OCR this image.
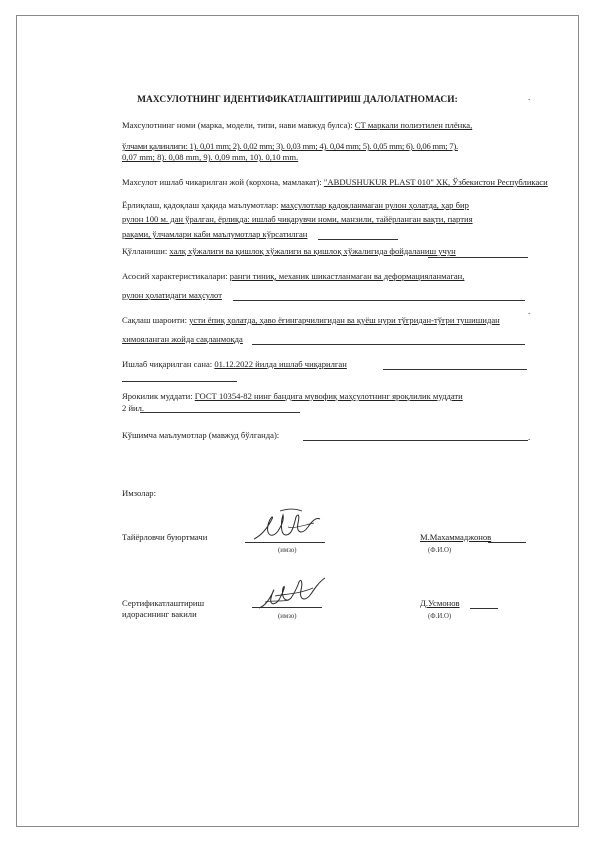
МАХСУЛОТНИНГ ИДЕНТИФИКАТЛАШТИРИШ ДАЛОЛАТНОМАСИ:
Махсулотнинг номи (марка, модели, типи, нави мавжуд булса): СТ маркали полиэтилен плёнка,
ўлчами қалинлиги: 1). 0,01 mm; 2). 0,02 mm; 3). 0,03 mm; 4). 0,04 mm; 5). 0,05 mm; 6). 0,06 mm; 7).
0,07 mm; 8). 0,08 mm, 9). 0,09 mm, 10). 0,10 mm.
Махсулот ишлаб чикарилган жой (корхона, мамлакат): "ABDUSHUKUR PLAST 010" ХК, Ўзбекистон Республикаси
Ёрлиқлаш, қадоқлаш ҳақида маълумотлар: маҳсулотлар қадоқланмаган рулон ҳолатда, ҳар бир
рулон 100 м. дан ўралган, ёрлиқда: ишлаб чиқарувчи номи, манзили, тайёрланган вақти, партия
рақами, ўлчамлари каби маълумотлар кўрсатилган
Қўлланиши: халқ хўжалиги ва қишлоқ хўжалиги ва қишлоқ хўжалигида фойдаланиш учун
Асосий характеристикалари: ранги тиниқ, механик шикастланмаган ва деформацияланмаган,
рулон ҳолатидаги маҳсулот
Сақлаш шароити: усти ёпиқ ҳолатда, ҳаво ёғингарчилигидан ва қуёш нури тўғридан-тўғри тушишидан
химояланган жойда сақланмоқда
Ишлаб чиқарилган сана: 01.12.2022 йилда ишлаб чиқарилган
Ярокилик муддати: ГОСТ 10354-82 нинг бандига мувофиқ маҳсулотнинг яроқлилик муддати
2 йил.
Кўшимча маълумотлар (мавжуд бўлганда):
Имзолар:
Тайёрловчи буюртмачи
(имзо)
М.Махаммаджонов
(Ф.И.О)
Сертификатлаштириш
идорасининг вакили	(имзо)
Д.Усмонов
(Ф.И.О)
.
.
.
